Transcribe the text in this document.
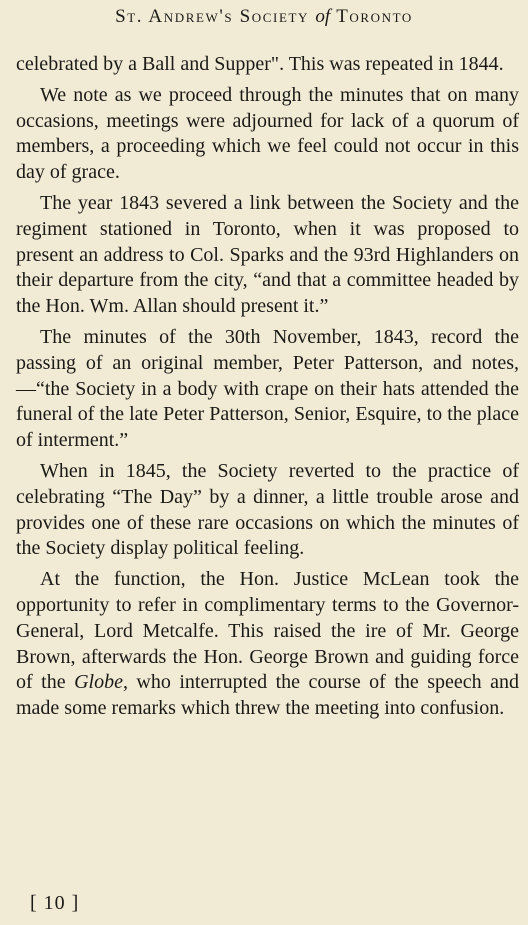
St. Andrew's Society of Toronto

celebrated by a Ball and Supper". This was repeated in 1844.

We note as we proceed through the minutes that on many occasions, meetings were adjourned for lack of a quorum of members, a proceeding which we feel could not occur in this day of grace.

The year 1843 severed a link between the Society and the regiment stationed in Toronto, when it was proposed to present an address to Col. Sparks and the 93rd Highlanders on their departure from the city, “and that a committee headed by the Hon. Wm. Allan should present it.”

The minutes of the 30th November, 1843, record the passing of an original member, Peter Patterson, and notes,—“the Society in a body with crape on their hats attended the funeral of the late Peter Patterson, Senior, Esquire, to the place of interment.”

When in 1845, the Society reverted to the practice of celebrating “The Day” by a dinner, a little trouble arose and provides one of these rare occasions on which the minutes of the Society display political feeling.

At the function, the Hon. Justice McLean took the opportunity to refer in complimentary terms to the Governor-General, Lord Metcalfe. This raised the ire of Mr. George Brown, afterwards the Hon. George Brown and guiding force of the Globe, who interrupted the course of the speech and made some remarks which threw the meeting into confusion.

[ 10 ]
